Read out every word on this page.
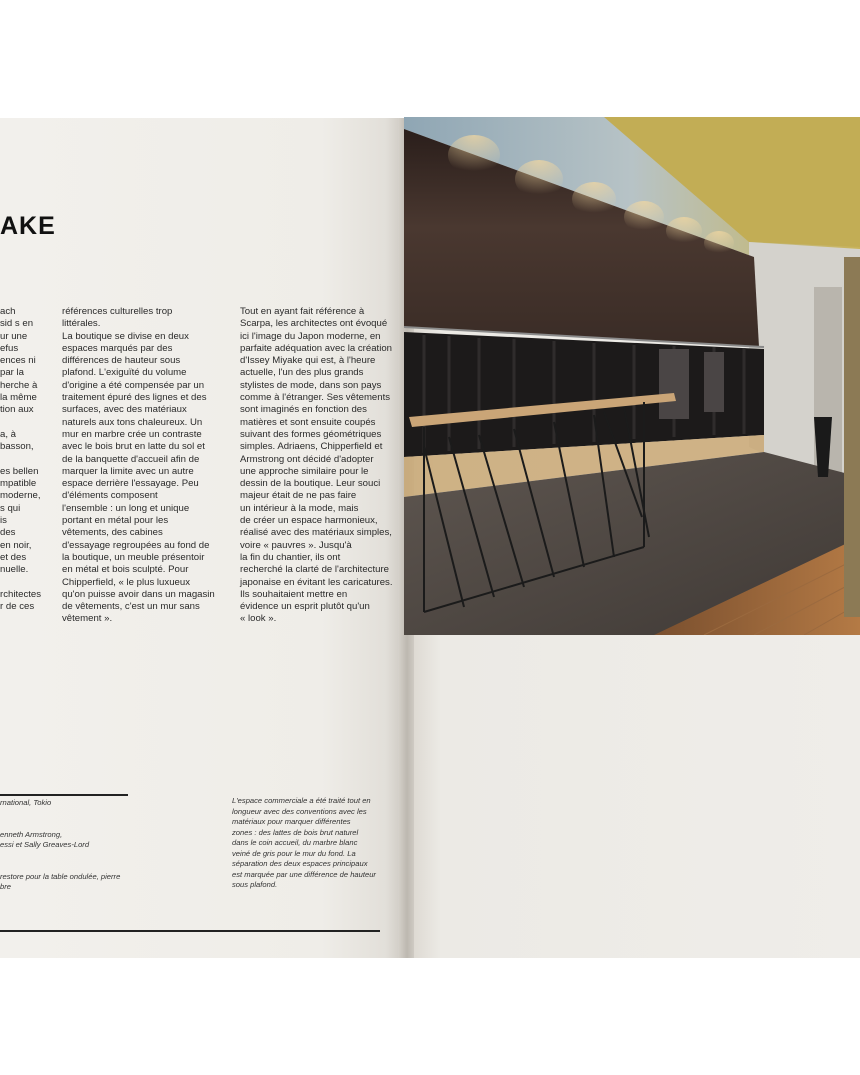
AKE
ach
sid s en
ur une
efus
ences ni
par la
herche à
la même
tion aux

a, à
basson,

es bellen
mpatible
moderne,
s qui
is
des
en noir,
et des
nuelle.

rchitectes
r de ces
références culturelles trop
littérales.
La boutique se divise en deux
espaces marqués par des
différences de hauteur sous
plafond. L'exiguïté du volume
d'origine a été compensée par un
traitement épuré des lignes et des
surfaces, avec des matériaux
naturels aux tons chaleureux. Un
mur en marbre crée un contraste
avec le bois brut en latte du sol et
de la banquette d'accueil afin de
marquer la limite avec un autre
espace derrière l'essayage. Peu
d'éléments composent
l'ensemble : un long et unique
portant en métal pour les
vêtements, des cabines
d'essayage regroupées au fond de
la boutique, un meuble présentoir
en métal et bois sculpté. Pour
Chipperfield, « le plus luxueux
qu'on puisse avoir dans un magasin
de vêtements, c'est un mur sans
vêtement ».
Tout en ayant fait référence à
Scarpa, les architectes ont évoqué
ici l'image du Japon moderne, en
parfaite adéquation avec la création
d'Issey Miyake qui est, à l'heure
actuelle, l'un des plus grands
stylistes de mode, dans son pays
comme à l'étranger. Ses vêtements
sont imaginés en fonction des
matières et sont ensuite coupés
suivant des formes géométriques
simples. Adriaens, Chipperfield et
Armstrong ont décidé d'adopter
une approche similaire pour le
dessin de la boutique. Leur souci
majeur était de ne pas faire
un intérieur à la mode, mais
de créer un espace harmonieux,
réalisé avec des matériaux simples,
voire « pauvres ». Jusqu'à
la fin du chantier, ils ont
recherché la clarté de l'architecture
japonaise en évitant les caricatures.
Ils souhaitaient mettre en
évidence un esprit plutôt qu'un
« look ».
rnational, Tokio

enneth Armstrong,
essi et Sally Greaves-Lord

restore pour la table ondulée, pierre
bre
L'espace commerciale a été traité tout en
longueur avec des conventions avec les
matériaux pour marquer différentes
zones : des lattes de bois brut naturel
dans le coin accueil, du marbre blanc
veiné de gris pour le mur du fond. La
séparation des deux espaces principaux
est marquée par une différence de hauteur
sous plafond.
